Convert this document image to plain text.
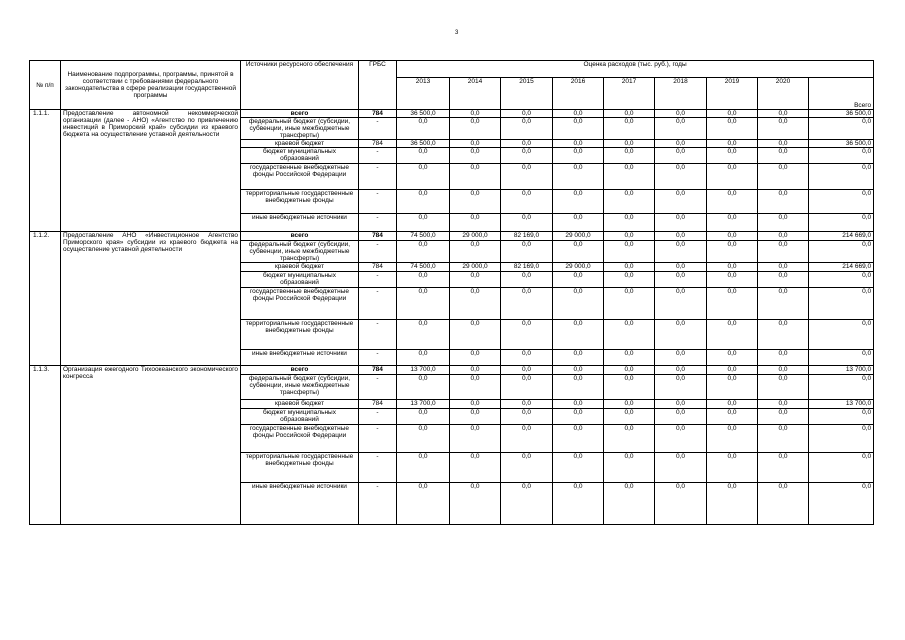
3
№ п/п	Наименование подпрограммы, программы, принятой в соответствии с требованиями федерального законодательства в сфере реализации государственной программы	Источники ресурсного обеспечения	ГРБС	Оценка расходов (тыс. руб.), годы								
				2013	2014	2015	2016	2017	2018	2019	2020	Всего
1.1.1.	Предоставление автономной некоммерческой организации (далее - АНО) «Агентство по привлечению инвестиций в Приморский край» субсидии из краевого бюджета на осуществление уставной деятельности	всего	784	36 500,0	0,0	0,0	0,0	0,0	0,0	0,0	0,0	36 500,0
		федеральный бюджет (субсидии, субвенции, иные межбюджетные трансферты)	-	0,0	0,0	0,0	0,0	0,0	0,0	0,0	0,0	0,0
		краевой бюджет	784	36 500,0	0,0	0,0	0,0	0,0	0,0	0,0	0,0	36 500,0
		бюджет муниципальных образований	-	0,0	0,0	0,0	0,0	0,0	0,0	0,0	0,0	0,0
		государственные внебюджетные фонды Российской Федерации	-	0,0	0,0	0,0	0,0	0,0	0,0	0,0	0,0	0,0
		территориальные государственные внебюджетные фонды	-	0,0	0,0	0,0	0,0	0,0	0,0	0,0	0,0	0,0
		иные внебюджетные источники	-	0,0	0,0	0,0	0,0	0,0	0,0	0,0	0,0	0,0
1.1.2.	Предоставление АНО «Инвестиционное Агентство Приморского края» субсидии из краевого бюджета на осуществление уставной деятельности	всего	784	74 500,0	29 000,0	82 169,0	29 000,0	0,0	0,0	0,0	0,0	214 669,0
		федеральный бюджет (субсидии, субвенции, иные межбюджетные трансферты)	-	0,0	0,0	0,0	0,0	0,0	0,0	0,0	0,0	0,0
		краевой бюджет	784	74 500,0	29 000,0	82 169,0	29 000,0	0,0	0,0	0,0	0,0	214 669,0
		бюджет муниципальных образований	-	0,0	0,0	0,0	0,0	0,0	0,0	0,0	0,0	0,0
		государственные внебюджетные фонды Российской Федерации	-	0,0	0,0	0,0	0,0	0,0	0,0	0,0	0,0	0,0
		территориальные государственные внебюджетные фонды	-	0,0	0,0	0,0	0,0	0,0	0,0	0,0	0,0	0,0
		иные внебюджетные источники	-	0,0	0,0	0,0	0,0	0,0	0,0	0,0	0,0	0,0
1.1.3.	Организация ежегодного Тихоокеанского экономического конгресса	всего	784	13 700,0	0,0	0,0	0,0	0,0	0,0	0,0	0,0	13 700,0
		федеральный бюджет (субсидии, субвенции, иные межбюджетные трансферты)	-	0,0	0,0	0,0	0,0	0,0	0,0	0,0	0,0	0,0
		краевой бюджет	784	13 700,0	0,0	0,0	0,0	0,0	0,0	0,0	0,0	13 700,0
		бюджет муниципальных образований	-	0,0	0,0	0,0	0,0	0,0	0,0	0,0	0,0	0,0
		государственные внебюджетные фонды Российской Федерации	-	0,0	0,0	0,0	0,0	0,0	0,0	0,0	0,0	0,0
		территориальные государственные внебюджетные фонды	-	0,0	0,0	0,0	0,0	0,0	0,0	0,0	0,0	0,0
		иные внебюджетные источники	-	0,0	0,0	0,0	0,0	0,0	0,0	0,0	0,0	0,0
